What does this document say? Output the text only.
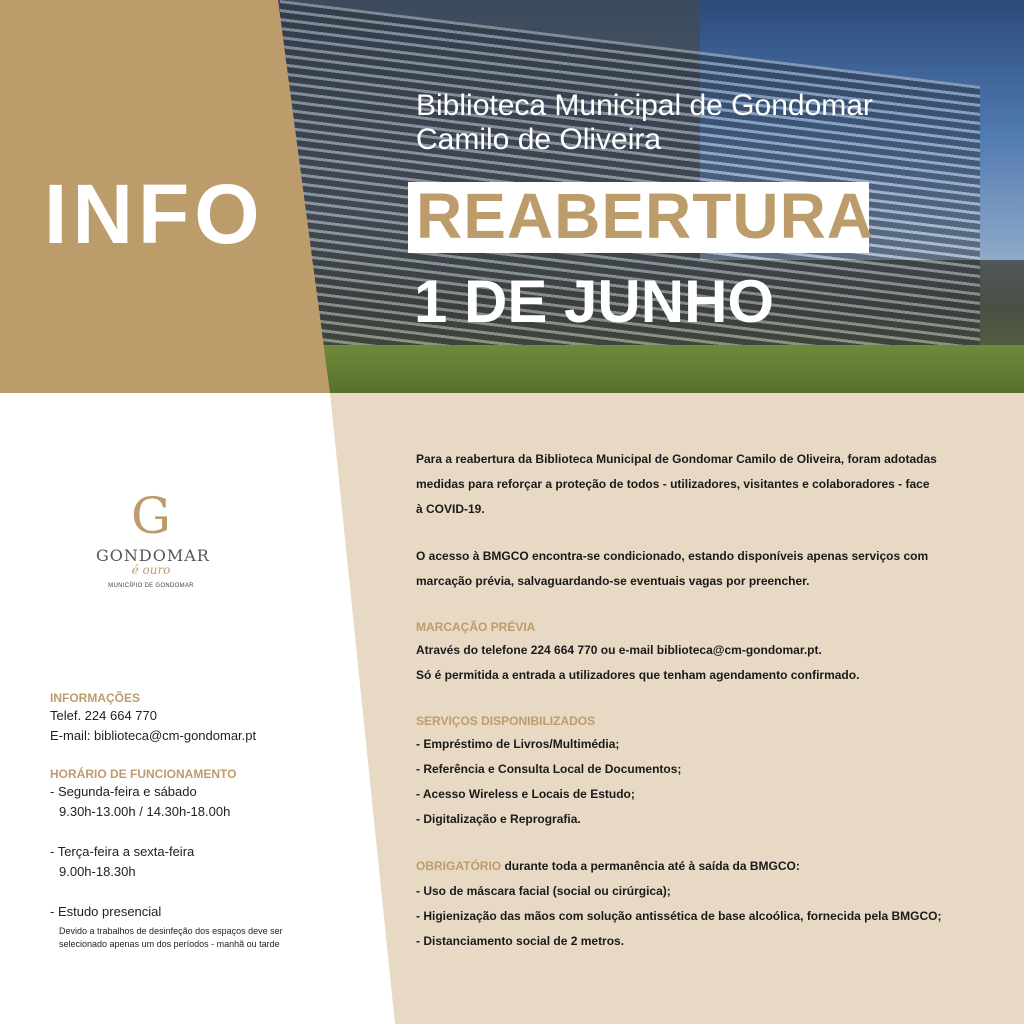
INFO
Biblioteca Municipal de Gondomar
Camilo de Oliveira
REABERTURA
1 DE JUNHO
G
GONDOMAR
é ouro
MUNICÍPIO DE GONDOMAR
INFORMAÇÕES
Telef. 224 664 770
E-mail: biblioteca@cm-gondomar.pt
HORÁRIO DE FUNCIONAMENTO
- Segunda-feira e sábado
9.30h-13.00h / 14.30h-18.00h
- Terça-feira a sexta-feira
9.00h-18.30h
- Estudo presencial
Devido a trabalhos de desinfeção dos espaços deve ser
selecionado apenas um dos períodos - manhã ou tarde
Para a reabertura da Biblioteca Municipal de Gondomar Camilo de Oliveira, foram adotadas
medidas para reforçar a proteção de todos - utilizadores, visitantes e colaboradores - face
à COVID-19.
O acesso à BMGCO encontra-se condicionado, estando disponíveis apenas serviços com
marcação prévia, salvaguardando-se eventuais vagas por preencher.
MARCAÇÃO PRÉVIA
Através do telefone 224 664 770 ou e-mail biblioteca@cm-gondomar.pt.
Só é permitida a entrada a utilizadores que tenham agendamento confirmado.
SERVIÇOS DISPONIBILIZADOS
- Empréstimo de Livros/Multimédia;
- Referência e Consulta Local de Documentos;
- Acesso Wireless e Locais de Estudo;
- Digitalização e Reprografia.
OBRIGATÓRIO durante toda a permanência até à saída da BMGCO:
- Uso de máscara facial (social ou cirúrgica);
- Higienização das mãos com solução antissética de base alcoólica, fornecida pela BMGCO;
- Distanciamento social de 2 metros.
